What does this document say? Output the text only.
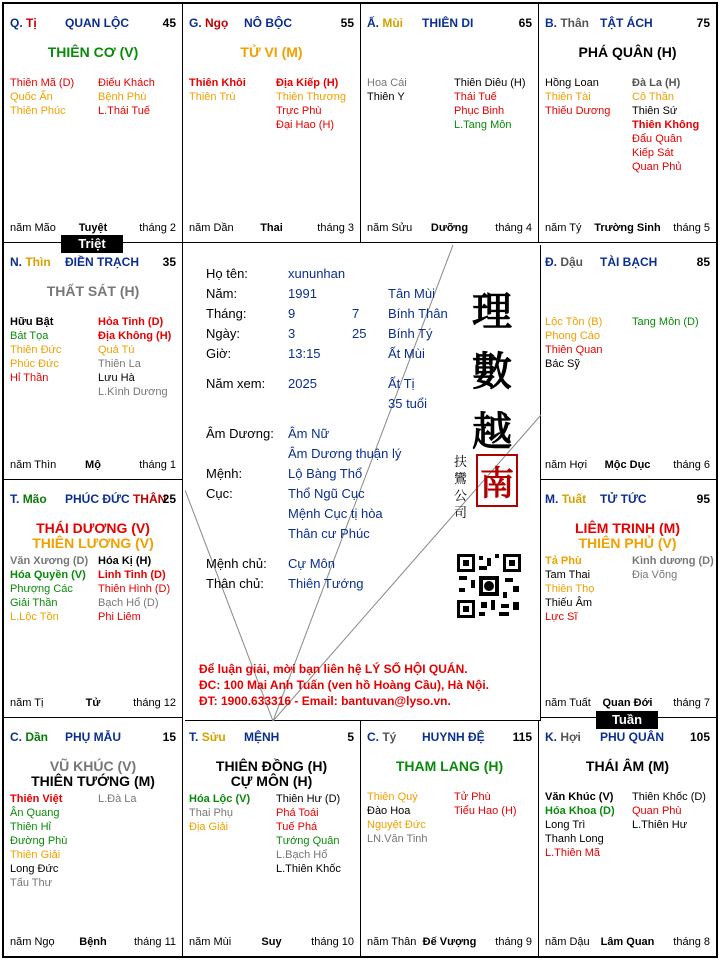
Q. Tị QUAN LỘC	45
THIÊN CƠ (V)
Thiên Mã (D)
Quốc Ấn
Thiên Phúc
Điếu Khách
Bệnh Phù
L.Thái Tuế
năm Mão	Tuyệt	tháng 2
G. Ngọ NÔ BỘC	55
TỬ VI (M)
Thiên Khôi
Thiên Trù
Địa Kiếp (H)
Thiên Thương
Trực Phù
Đại Hao (H)
năm Dần	Thai	tháng 3
Ấ. Mùi THIÊN DI	65
Hoa Cái
Thiên Y
Thiên Diêu (H)
Thái Tuế
Phục Binh
L.Tang Môn
năm Sửu	Dưỡng	tháng 4
B. Thân TẬT ÁCH	75
PHÁ QUÂN (H)
Hồng Loan
Thiên Tài
Thiếu Dương
Đà La (H)
Cô Thần
Thiên Sứ
Thiên Không
Đẩu Quân
Kiếp Sát
Quan Phủ
năm Tý	Trường Sinh	tháng 5
N. Thìn ĐIỀN TRẠCH 35
THẤT SÁT (H)
Hữu Bật
Bát Tọa
Thiên Đức
Phúc Đức
Hỉ Thần
Hỏa Tinh (D)
Địa Không (H)
Quả Tú
Thiên La
Lưu Hà
L.Kình Dương
năm Thìn	Mộ	tháng 1
Đ. Dậu TÀI BẠCH	85
Lộc Tồn (B)
Phong Cáo
Thiên Quan
Bác Sỹ
Tang Môn (D)
năm Hợi	Mộc Dục	tháng 6
T. Mão PHÚC ĐỨC THÂN
25
THÁI DƯƠNG (V)
THIÊN LƯƠNG (V)
Văn Xương (D)
Hóa Quyền (V)
Phượng Các
Giải Thần
L.Lộc Tồn
Hóa Kị (H)
Linh Tinh (D)
Thiên Hình (D)
Bạch Hổ (D)
Phi Liêm
năm Tị	Tử	tháng 12
M. Tuất TỬ TỨC	95
LIÊM TRINH (M)
THIÊN PHỦ (V)
Tả Phù
Tam Thai
Thiên Thọ
Thiếu Âm
Lực Sĩ
Kình dương (D)
Địa Võng
năm Tuất	Quan Đới	tháng 7
C. Dần PHỤ MẪU	15
VŨ KHÚC (V)
THIÊN TƯỚNG (M)
Thiên Việt
Ân Quang
Thiên Hỉ
Đường Phù
Thiên Giải
Long Đức
Tấu Thư
L.Đà La
năm Ngọ	Bệnh	tháng 11
T. Sửu MỆNH	5
THIÊN ĐỒNG (H)
CỰ MÔN (H)
Hóa Lộc (V)
Thai Phụ
Địa Giải
Thiên Hư (D)
Phá Toái
Tuế Phá
Tướng Quân
L.Bạch Hổ
L.Thiên Khốc
năm Mùi	Suy	tháng 10
C. Tý HUYNH ĐỆ 115
THAM LANG (H)
Thiên Quý
Đào Hoa
Nguyệt Đức
LN.Văn Tinh
Tử Phù
Tiểu Hao (H)
năm Thân Đế Vượng	tháng 9
K. Hợi PHU QUÂN 105
THÁI ÂM (M)
Văn Khúc (V)
Hóa Khoa (D)
Long Trì
Thanh Long
L.Thiên Mã
Thiên Khốc (D)
Quan Phù
L.Thiên Hư
năm Dậu Lâm Quan	tháng 8
Họ tên:	xununhan
Năm:	1991	Tân Mùi
Tháng:	9	7 Bính Thân
Ngày:	3	25 Bính Tý
Giờ:	13:15	Ất Mùi
Năm xem: 2025	Ất Tị
35 tuổi
Âm Dương: Âm Nữ
Âm Dương thuận lý
Mệnh:	Lộ Bàng Thổ
Cục:	Thổ Ngũ Cục
Mệnh Cục tị hòa
Thân cư Phúc
Mệnh chủ: Cự Môn
Thân chủ: Thiên Tướng
理
數
越
南
扶鸞公司
Để luận giải, mời bạn liên hệ LÝ SỐ HỘI QUÁN.
ĐC: 100 Mai Anh Tuấn (ven hồ Hoàng Cầu), Hà Nội.
ĐT: 1900.633316 - Email: bantuvan@lyso.vn.
Triệt
Tuần
